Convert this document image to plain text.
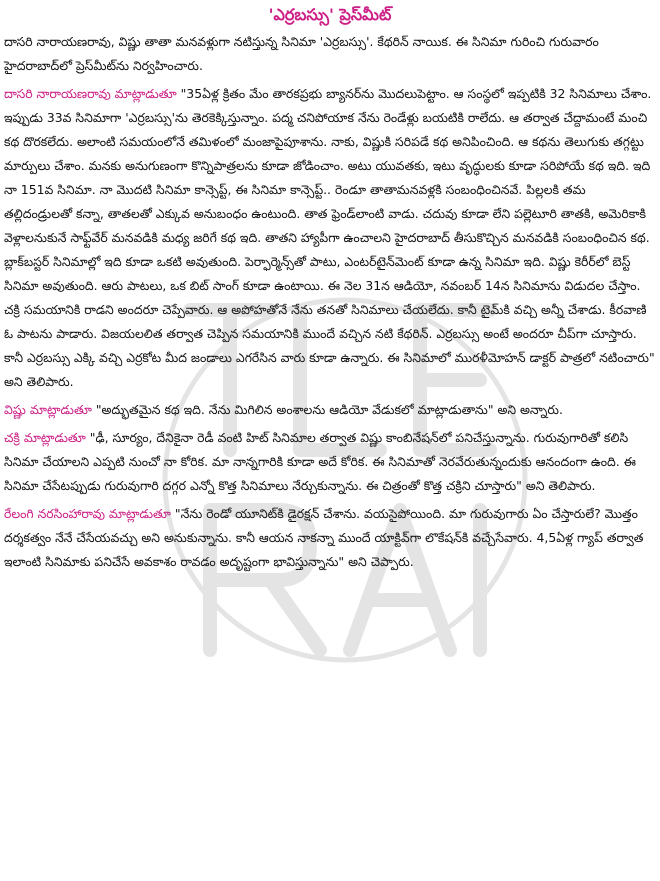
'ఎర్రబస్సు' ప్రెస్‌మీట్

దాసరి నారాయణరావు, విష్ణు తాతా మనవళ్లుగా నటిస్తున్న సినిమా 'ఎర్రబస్సు'. కేథరిన్ నాయిక. ఈ సినిమా గురించి గురువారం హైదరాబాద్‌లో ప్రెస్‌మీట్‌ను నిర్వహించారు.

దాసరి నారాయణరావు మాట్లాడుతూ "35ఏళ్ల క్రితం మేం తారకప్రభు బ్యానర్‌ను మొదలుపెట్టాం. ఆ సంస్థలో ఇప్పటికి 32 సినిమాలు చేశాం. ఇప్పుడు 33వ సినిమాగా 'ఎర్రబస్సు'ను తెరకెక్కిస్తున్నాం. పద్మ చనిపోయాక నేను రెండేళ్లు బయటికి రాలేదు. ఆ తర్వాత చేద్దామంటే మంచి కథ దొరకలేదు. అలాంటి సమయంలోనే తమిళంలో మంజాపైపూశాను. నాకు, విష్ణుకి సరిపడే కథ అనిపించింది. ఆ కథను తెలుగుకు తగ్గట్టు మార్పులు చేశాం. మనకు అనుగుణంగా కొన్నిపాత్రలను కూడా జోడించాం. అటు యువతకు, ఇటు వృద్ధులకు కూడా సరిపోయే కథ ఇది. ఇది నా 151వ సినిమా. నా మొదటి సినిమా కాన్సెప్ట్, ఈ సినిమా కాన్సెప్ట్.. రెండూ తాతామనవళ్లకి సంబంధించినవే. పిల్లలకి తమ తల్లిదండ్రులతో కన్నా, తాతలతో ఎక్కువ అనుబంధం ఉంటుంది. తాత ఫ్రెండ్‌లాంటి వాడు. చదువు కూడా లేని పల్లెటూరి తాతకి, అమెరికాకి వెళ్లాలనుకునే సాఫ్ట్‌వేర్ మనవడికి మధ్య జరిగే కథ ఇది. తాతని హ్యాపీగా ఉంచాలని హైదరాబాద్ తీసుకొచ్చిన మనవడికి సంబంధించిన కథ. బ్లాక్‌బస్టర్ సినిమాల్లో ఇది కూడా ఒకటి అవుతుంది. పెర్ఫార్మెన్స్‌తో పాటు, ఎంటర్‌టైన్‌మెంట్ కూడా ఉన్న సినిమా ఇది. విష్ణు కెరీర్‌లో బెస్ట్ సినిమా అవుతుంది. ఆరు పాటలు, ఒక బిట్ సాంగ్ కూడా ఉంటాయి. ఈ నెల 31న ఆడియో, నవంబర్ 14న సినిమాను విడుదల చేస్తాం. చక్రి సమయానికి రాడని అందరూ చెప్పేవారు. ఆ అపోహతోనే నేను తనతో సినిమాలు చేయలేదు. కానీ టైమ్‌కి వచ్చి అన్నీ చేశాడు. కీరవాణి ఓ పాటను పాడారు. విజయలలిత తర్వాత చెప్పిన సమయానికి ముందే వచ్చిన నటి కేథరిన్. ఎర్రబస్సు అంటే అందరూ చీప్‌గా చూస్తారు. కానీ ఎర్రబస్సు ఎక్కి వచ్చి ఎర్రకోట మీద జండాలు ఎగరేసిన వారు కూడా ఉన్నారు. ఈ సినిమాలో మురళీమోహన్ డాక్టర్ పాత్రలో నటించారు" అని తెలిపారు.

విష్ణు మాట్లాడుతూ "అద్భుతమైన కథ ఇది. నేను మిగిలిన అంశాలను ఆడియో వేడుకలో మాట్లాడుతాను" అని అన్నారు.

చక్రి మాట్లాడుతూ "ఢీ, సూర్యం, దేనికైనా రెడీ వంటి హిట్ సినిమాల తర్వాత విష్ణు కాంబినేషన్‌లో పనిచేస్తున్నాను. గురువుగారితో కలిసి సినిమా చేయాలని ఎప్పటి నుంచో నా కోరిక. మా నాన్నగారికి కూడా అదే కోరిక. ఈ సినిమాతో నెరవేరుతున్నందుకు ఆనందంగా ఉంది. ఈ సినిమా చేసేటప్పుడు గురువుగారి దగ్గర ఎన్నో కొత్త సినిమాలు నేర్చుకున్నాను. ఈ చిత్రంతో కొత్త చక్రిని చూస్తారు" అని తెలిపారు.

రేలంగి నరసింహారావు మాట్లాడుతూ "నేను రెండో యూనిట్‌కి డైరక్షన్ చేశాను. వయసైపోయింది. మా గురువుగారు ఏం చేస్తారులే? మొత్తం దర్శకత్వం నేనే చేసేయవచ్చు అని అనుకున్నాను. కానీ ఆయన నాకన్నా ముందే యాక్టివ్‌గా లొకేషన్‌కి వచ్చేసేవారు. 4,5ఏళ్ల గ్యాప్ తర్వాత ఇలాంటి సినిమాకు పనిచేసే అవకాశం రావడం అదృష్టంగా భావిస్తున్నాను" అని చెప్పారు.
